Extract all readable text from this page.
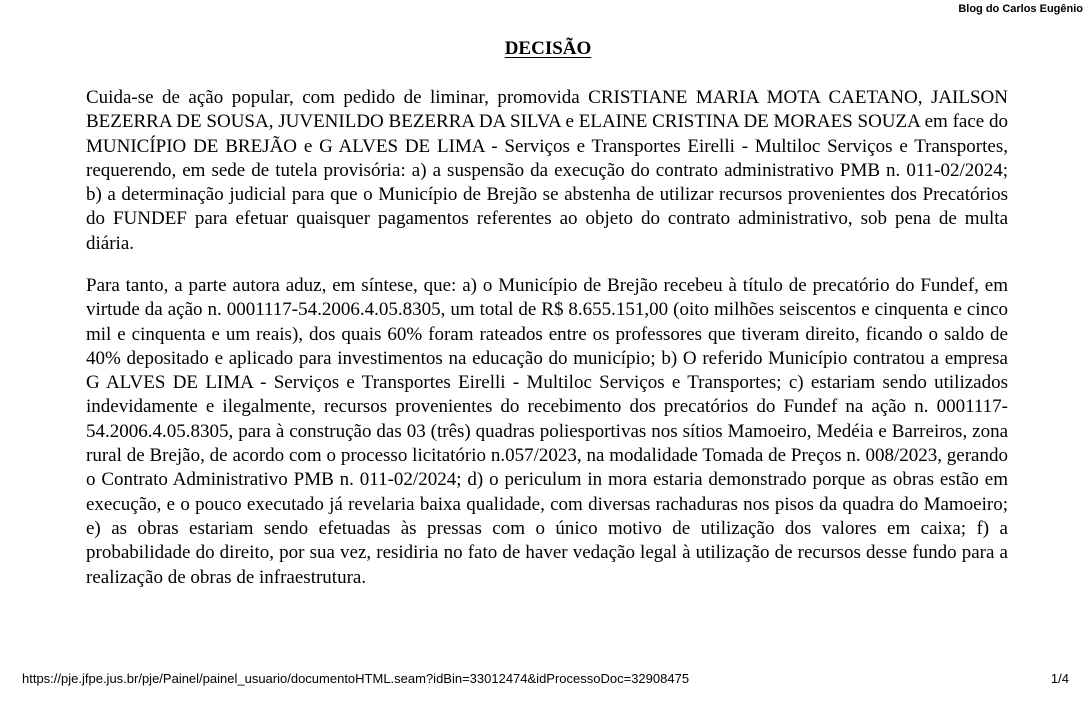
Blog do Carlos Eugênio
DECISÃO

Cuida-se de ação popular, com pedido de liminar, promovida CRISTIANE MARIA MOTA CAETANO, JAILSON BEZERRA DE SOUSA, JUVENILDO BEZERRA DA SILVA e ELAINE CRISTINA DE MORAES SOUZA em face do MUNICÍPIO DE BREJÃO e G ALVES DE LIMA - Serviços e Transportes Eirelli - Multiloc Serviços e Transportes, requerendo, em sede de tutela provisória: a) a suspensão da execução do contrato administrativo PMB n. 011-02/2024; b) a determinação judicial para que o Município de Brejão se abstenha de utilizar recursos provenientes dos Precatórios do FUNDEF para efetuar quaisquer pagamentos referentes ao objeto do contrato administrativo, sob pena de multa diária.

Para tanto, a parte autora aduz, em síntese, que: a) o Município de Brejão recebeu à título de precatório do Fundef, em virtude da ação n. 0001117-54.2006.4.05.8305, um total de R$ 8.655.151,00 (oito milhões seiscentos e cinquenta e cinco mil e cinquenta e um reais), dos quais 60% foram rateados entre os professores que tiveram direito, ficando o saldo de 40% depositado e aplicado para investimentos na educação do município; b) O referido Município contratou a empresa G ALVES DE LIMA - Serviços e Transportes Eirelli - Multiloc Serviços e Transportes; c) estariam sendo utilizados indevidamente e ilegalmente, recursos provenientes do recebimento dos precatórios do Fundef na ação n. 0001117-54.2006.4.05.8305, para à construção das 03 (três) quadras poliesportivas nos sítios Mamoeiro, Medéia e Barreiros, zona rural de Brejão, de acordo com o processo licitatório n.057/2023, na modalidade Tomada de Preços n. 008/2023, gerando o Contrato Administrativo PMB n. 011-02/2024; d) o periculum in mora estaria demonstrado porque as obras estão em execução, e o pouco executado já revelaria baixa qualidade, com diversas rachaduras nos pisos da quadra do Mamoeiro; e) as obras estariam sendo efetuadas às pressas com o único motivo de utilização dos valores em caixa; f) a probabilidade do direito, por sua vez, residiria no fato de haver vedação legal à utilização de recursos desse fundo para a realização de obras de infraestrutura.

https://pje.jfpe.jus.br/pje/Painel/painel_usuario/documentoHTML.seam?idBin=33012474&idProcessoDoc=32908475	1/4
